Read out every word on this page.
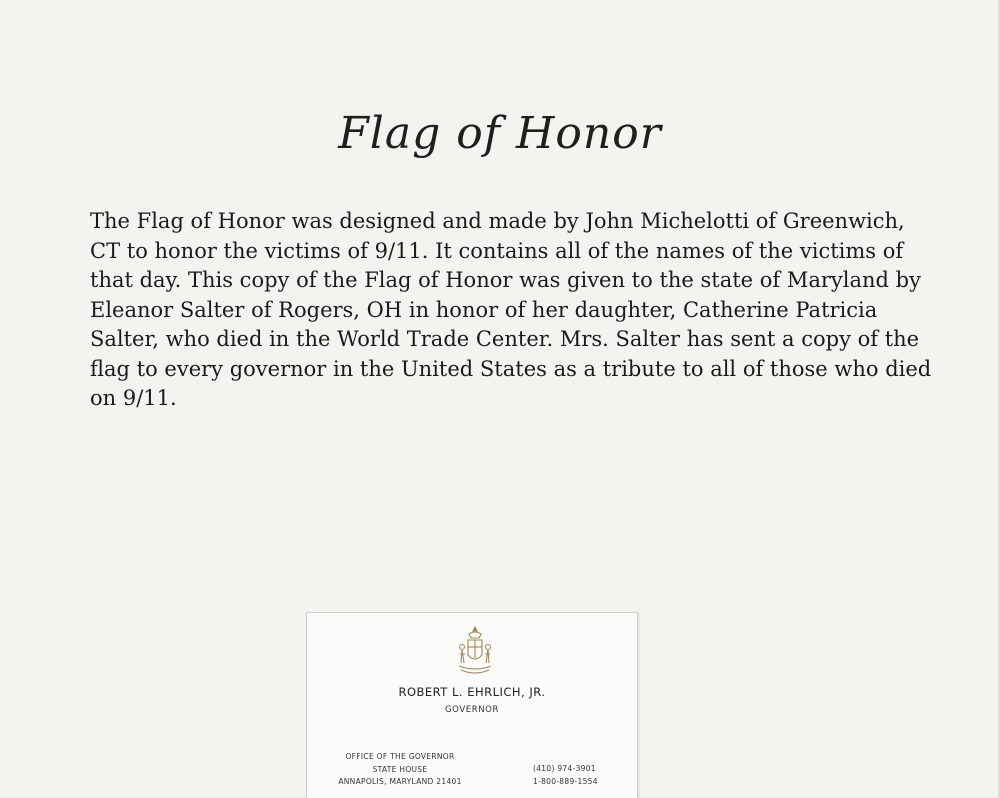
Flag of Honor

The Flag of Honor was designed and made by John Michelotti of Greenwich, CT to honor the victims of 9/11. It contains all of the names of the victims of that day. This copy of the Flag of Honor was given to the state of Maryland by Eleanor Salter of Rogers, OH in honor of her daughter, Catherine Patricia Salter, who died in the World Trade Center. Mrs. Salter has sent a copy of the flag to every governor in the United States as a tribute to all of those who died on 9/11.

ROBERT L. EHRLICH, JR.
GOVERNOR
OFFICE OF THE GOVERNOR
STATE HOUSE
ANNAPOLIS, MARYLAND 21401
(410) 974-3901
1-800-889-1554
